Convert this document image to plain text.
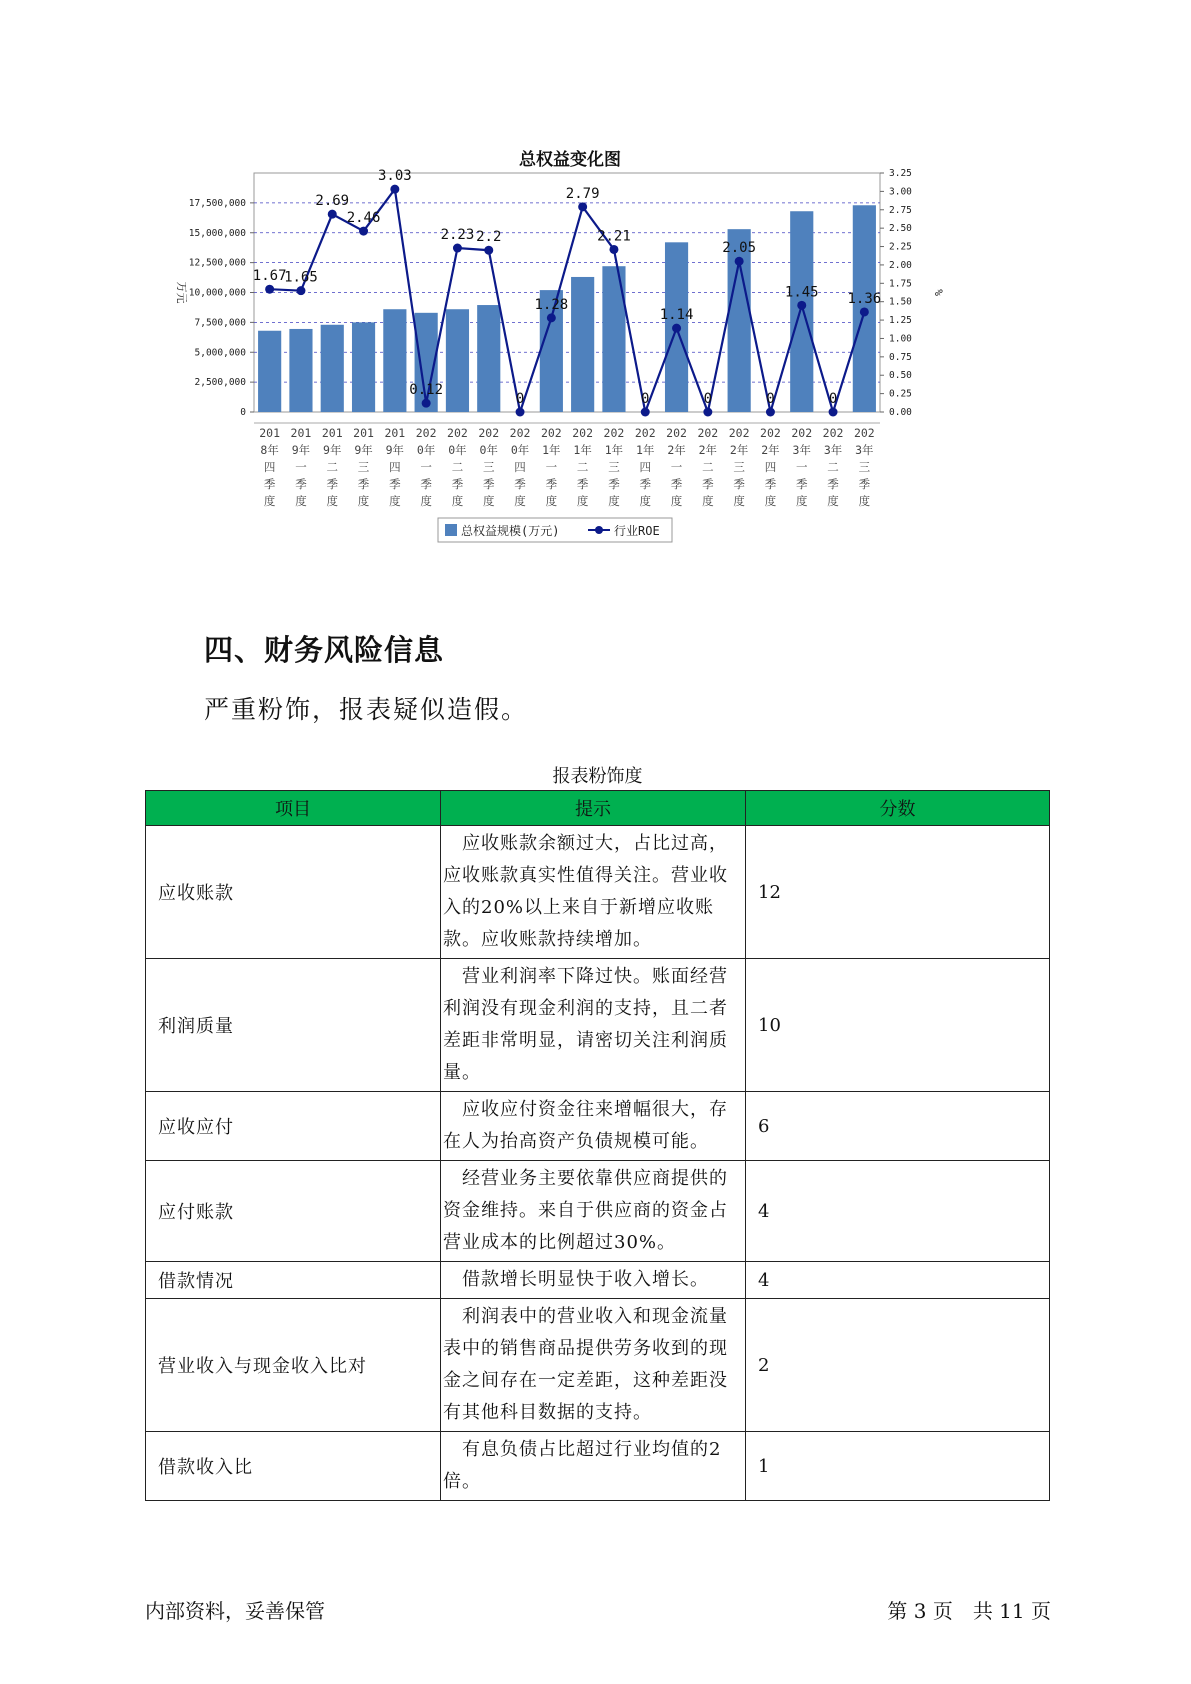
总权益变化图
0
2,500,000
5,000,000
7,500,000
10,000,000
12,500,000
15,000,000
17,500,000
0.00
0.25
0.50
0.75
1.00
1.25
1.50
1.75
2.00
2.25
2.50
2.75
3.00
3.25
万元	%
1.67
1.65
2.69
2.46
3.03
0.12
2.23 2.2
0
1.28
2.79
2.21
0
1.14
0
2.05
0
1.45
0
1.36
201
8年
四
季
度
201
9年
一
季
度
201
9年
二
季
度
201
9年
三
季
度
201
9年
四
季
度
202
0年
一
季
度
202
0年
二
季
度
202
0年
三
季
度
202
0年
四
季
度
202
1年
一
季
度
202
1年
二
季
度
202
1年
三
季
度
202
1年
四
季
度
202
2年
一
季
度
202
2年
二
季
度
202
2年
三
季
度
202
2年
四
季
度
202
3年
一
季
度
202
3年
二
季
度
202
3年
三
季
度
总权益规模(万元)	行业ROE
四、财务风险信息
严重粉饰，报表疑似造假。
报表粉饰度
项目	提示	分数
应收账款	　应收账款余额过大，占比过高，应收账款真实性值得关注。营业收入的20%以上来自于新增应收账款。应收账款持续增加。	12
利润质量	　营业利润率下降过快。账面经营利润没有现金利润的支持，且二者差距非常明显，请密切关注利润质量。	10
应收应付	　应收应付资金往来增幅很大，存在人为抬高资产负债规模可能。	6
应付账款	　经营业务主要依靠供应商提供的资金维持。来自于供应商的资金占营业成本的比例超过30%。	4
借款情况	　借款增长明显快于收入增长。	4
营业收入与现金收入比对	　利润表中的营业收入和现金流量表中的销售商品提供劳务收到的现金之间存在一定差距，这种差距没有其他科目数据的支持。	2
借款收入比	　有息负债占比超过行业均值的2倍。	1
内部资料，妥善保管	第 3 页　共 11 页
